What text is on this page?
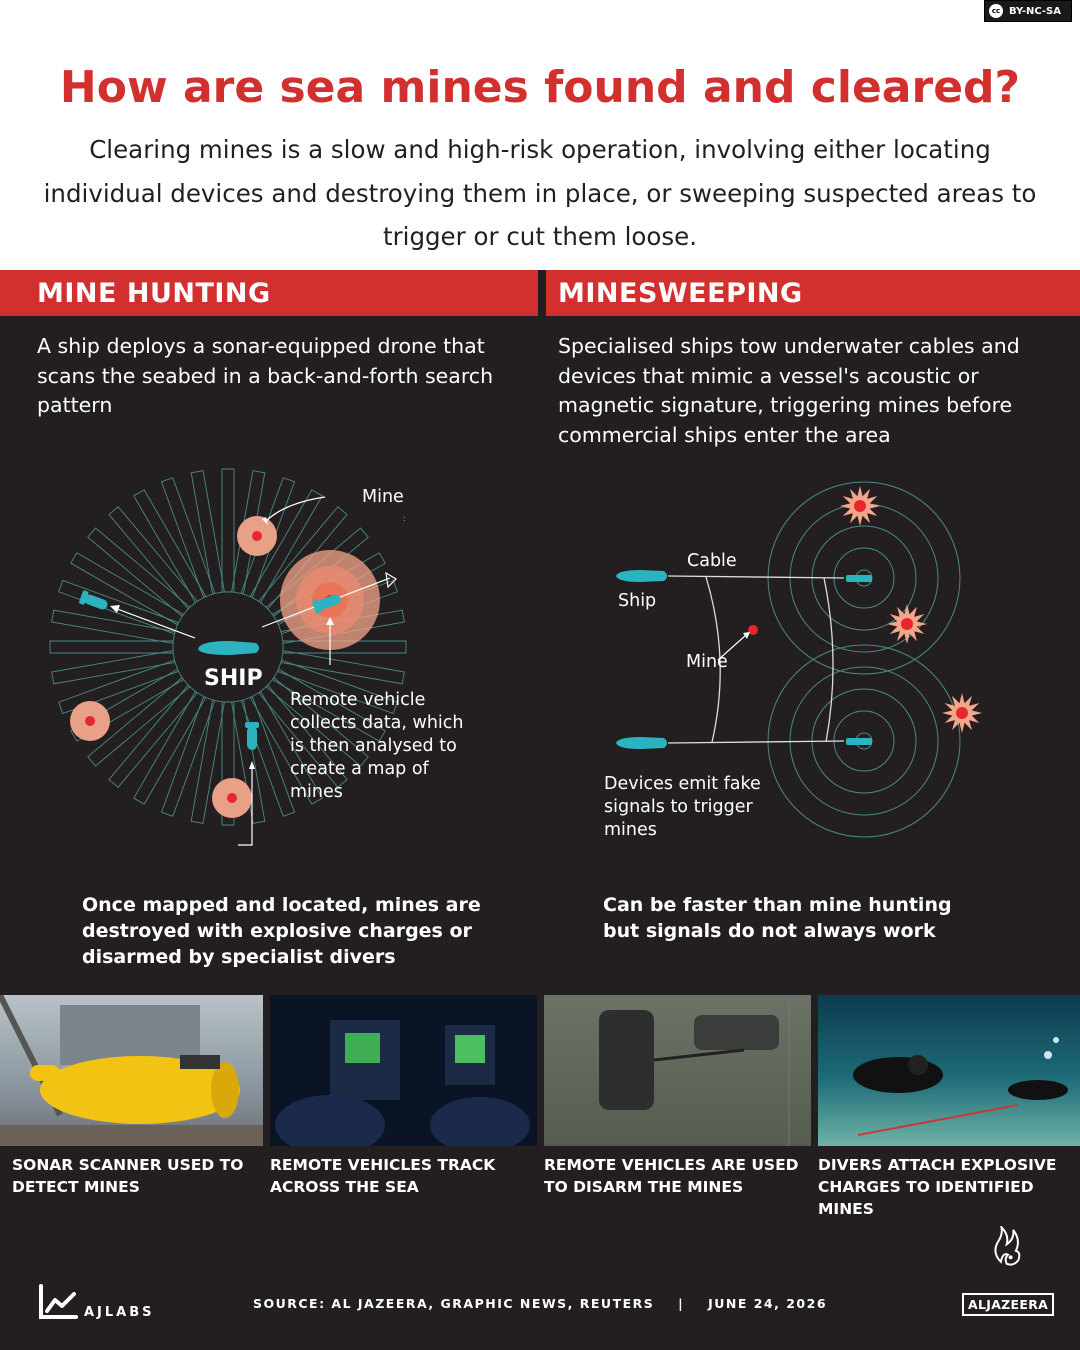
cc BY-NC-SA
How are sea mines found and cleared?

Clearing mines is a slow and high-risk operation, involving either locating individual devices and destroying them in place, or sweeping suspected areas to trigger or cut them loose.

MINE HUNTING	MINESWEEPING

A ship deploys a sonar-equipped drone that scans the seabed in a back-and-forth search pattern

Specialised ships tow underwater cables and devices that mimic a vessel's acoustic or magnetic signature, triggering mines before commercial ships enter the area

:
Mine
SHIP
Remote vehicle collects data, which is then analysed to create a map of mines
Once mapped and located, mines are destroyed with explosive charges or disarmed by specialist divers
Cable
Ship
Mine
Devices emit fake signals to trigger mines
Can be faster than mine hunting but signals do not always work
SONAR SCANNER USED TO DETECT MINES
REMOTE VEHICLES TRACK ACROSS THE SEA
REMOTE VEHICLES ARE USED TO DISARM THE MINES
DIVERS ATTACH EXPLOSIVE CHARGES TO IDENTIFIED MINES
AJLABS
SOURCE: AL JAZEERA, GRAPHIC NEWS, REUTERS | JUNE 24, 2026	ALJAZEERA
